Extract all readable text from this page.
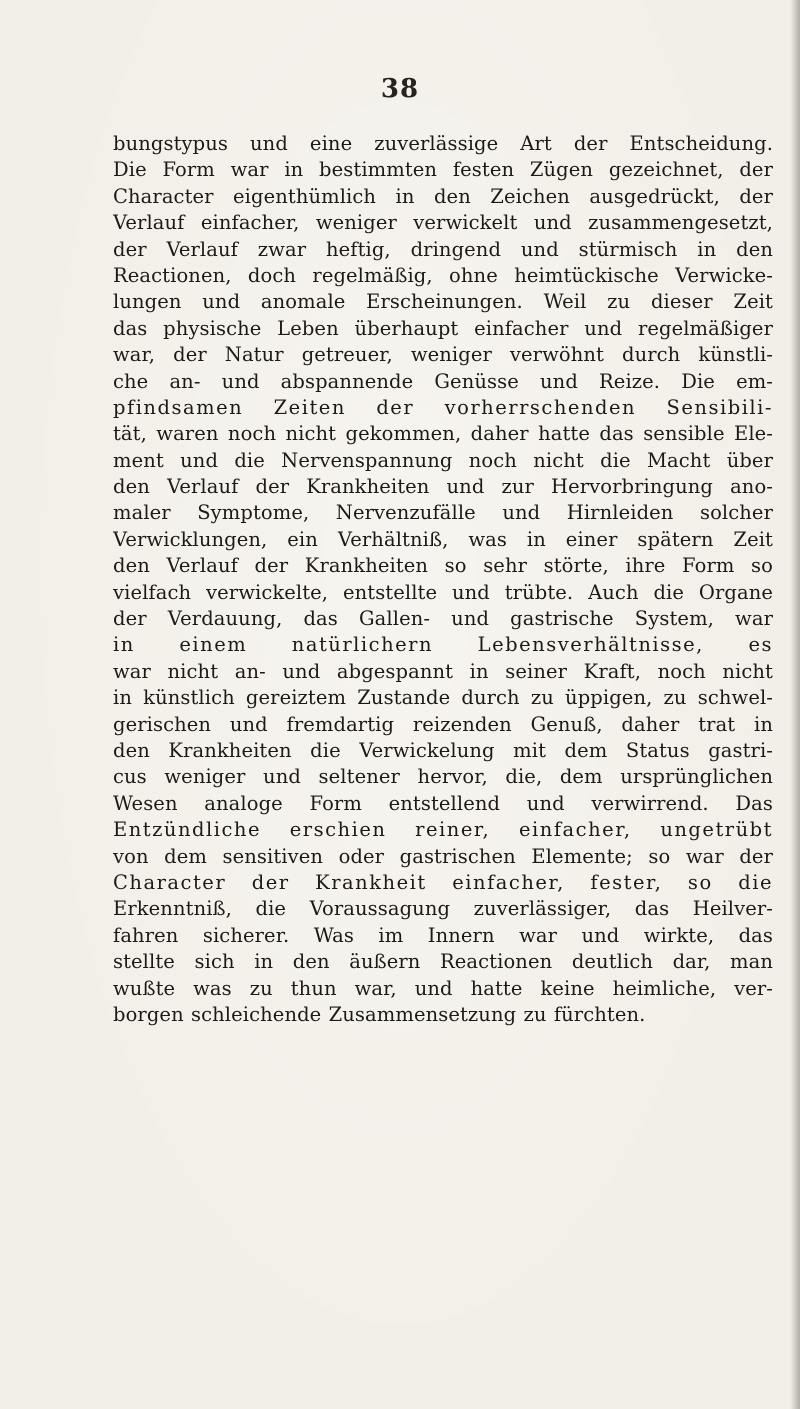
38
bungstypus und eine zuverlässige Art der Entscheidung.
Die Form war in bestimmten festen Zügen gezeichnet, der
Character eigenthümlich in den Zeichen ausgedrückt, der
Verlauf einfacher, weniger verwickelt und zusammengesetzt,
der Verlauf zwar heftig, dringend und stürmisch in den
Reactionen, doch regelmäßig, ohne heimtückische Verwicke-
lungen und anomale Erscheinungen. Weil zu dieser Zeit
das physische Leben überhaupt einfacher und regelmäßiger
war, der Natur getreuer, weniger verwöhnt durch künstli-
che an- und abspannende Genüsse und Reize. Die em-
pfindsamen Zeiten der vorherrschenden Sensibili-
tät, waren noch nicht gekommen, daher hatte das sensible Ele-
ment und die Nervenspannung noch nicht die Macht über
den Verlauf der Krankheiten und zur Hervorbringung ano-
maler Symptome, Nervenzufälle und Hirnleiden solcher
Verwicklungen, ein Verhältniß, was in einer spätern Zeit
den Verlauf der Krankheiten so sehr störte, ihre Form so
vielfach verwickelte, entstellte und trübte. Auch die Organe
der Verdauung, das Gallen- und gastrische System, war
in einem natürlichern Lebensverhältnisse, es
war nicht an- und abgespannt in seiner Kraft, noch nicht
in künstlich gereiztem Zustande durch zu üppigen, zu schwel-
gerischen und fremdartig reizenden Genuß, daher trat in
den Krankheiten die Verwickelung mit dem Status gastri-
cus weniger und seltener hervor, die, dem ursprünglichen
Wesen analoge Form entstellend und verwirrend. Das
Entzündliche erschien reiner, einfacher, ungetrübt
von dem sensitiven oder gastrischen Elemente; so war der
Character der Krankheit einfacher, fester, so die
Erkenntniß, die Voraussagung zuverlässiger, das Heilver-
fahren sicherer. Was im Innern war und wirkte, das
stellte sich in den äußern Reactionen deutlich dar, man
wußte was zu thun war, und hatte keine heimliche, ver-
borgen schleichende Zusammensetzung zu fürchten.
